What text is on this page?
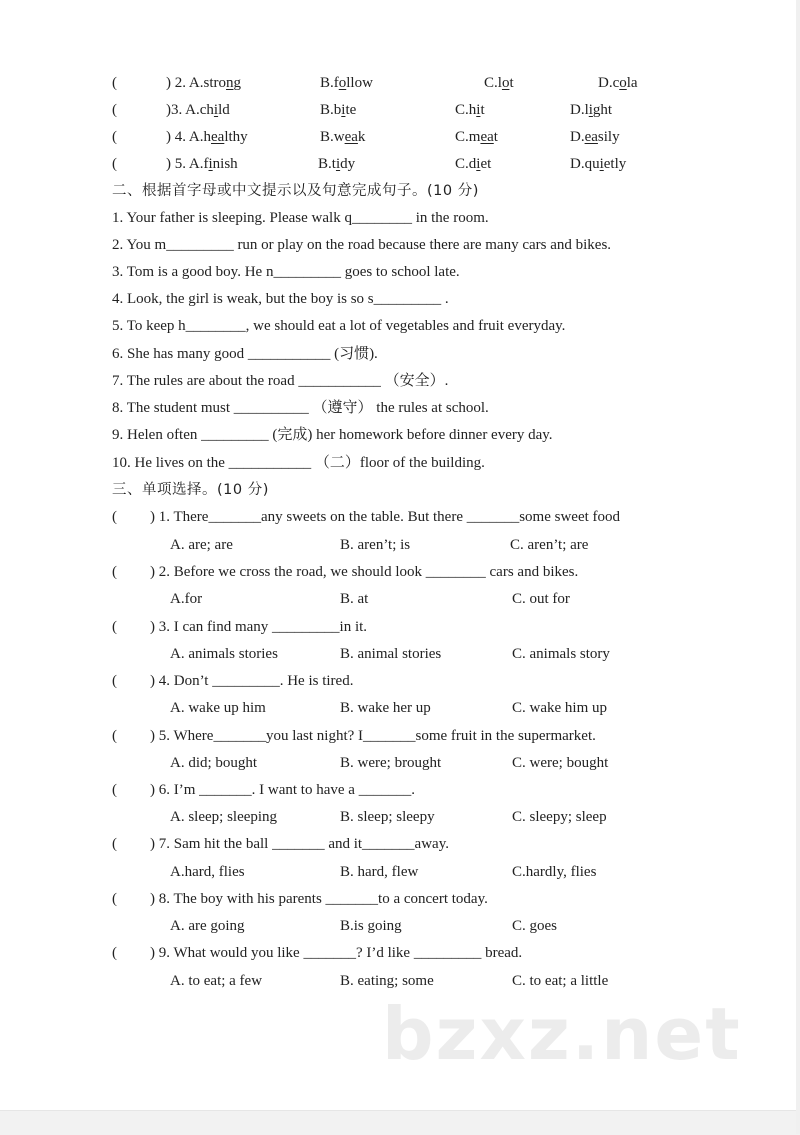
(	) 2. A.strong	B.follow	C.lot	D.cola
(	)3. A.child	B.bite	C.hit	D.light
(	) 4. A.healthy	B.weak	C.meat	D.easily
(	) 5. A.finish	B.tidy	C.diet	D.quietly
二、根据首字母或中文提示以及句意完成句子。(10 分)
1. Your father is sleeping. Please walk q________ in the room.
2. You m_________ run or play on the road because there are many cars and bikes.
3. Tom is a good boy. He n_________ goes to school late.
4. Look, the girl is weak, but the boy is so s_________ .
5. To keep h________, we should eat a lot of vegetables and fruit everyday.
6. She has many good ___________ (习惯).
7. The rules are about the road ___________ （安全）.
8. The student must __________ （遵守） the rules at school.
9. Helen often _________ (完成) her homework before dinner every day.
10. He lives on the ___________ （二）floor of the building.
三、单项选择。(10 分)
( ) 1. There_______any sweets on the table. But there _______some sweet food
A. are; are	B. aren’t; is	C. aren’t; are
( ) 2. Before we cross the road, we should look ________ cars and bikes.
A.for	B. at	C. out for
( ) 3. I can find many _________in it.
A. animals stories	B. animal stories	C. animals story
( ) 4. Don’t _________. He is tired.
A. wake up him	B. wake her up	C. wake him up
( ) 5. Where_______you last night? I_______some fruit in the supermarket.
A. did; bought	B. were; brought	C. were; bought
( ) 6. I’m _______. I want to have a _______.
A. sleep; sleeping	B. sleep; sleepy	C. sleepy; sleep
( ) 7. Sam hit the ball _______ and it_______away.
A.hard, flies	B. hard, flew	C.hardly, flies
( ) 8. The boy with his parents _______to a concert today.
A. are going	B.is going	C. goes
( ) 9. What would you like _______? I’d like _________ bread.
A. to eat; a few	B. eating; some	C. to eat; a little
bzxz.net
